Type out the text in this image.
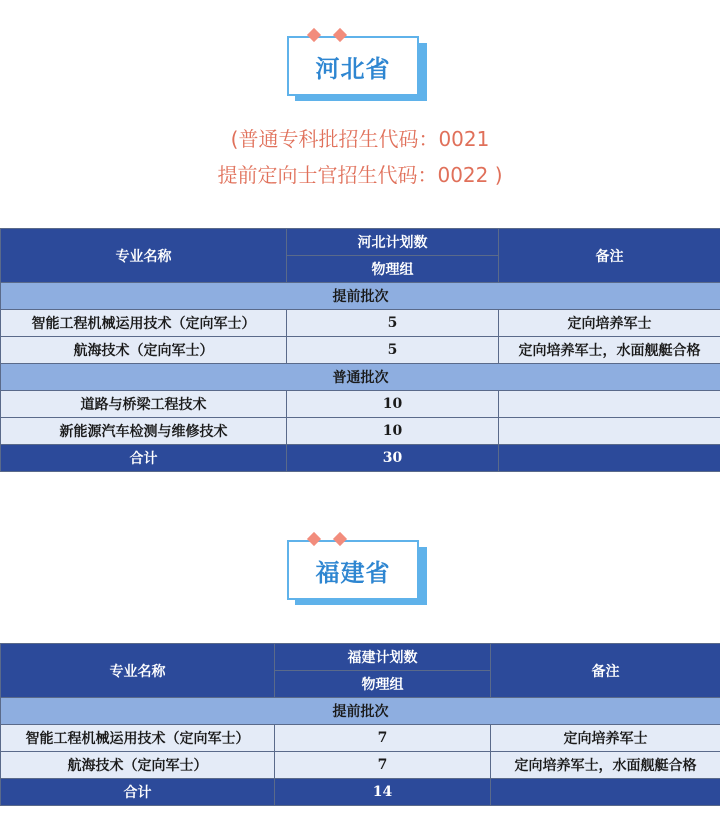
河北省
(普通专科批招生代码：0021
提前定向士官招生代码：0022 )
专业名称	河北计划数	备注
	物理组	
提前批次		
智能工程机械运用技术（定向军士）	5	定向培养军士
航海技术（定向军士）	5	定向培养军士，水面舰艇合格
普通批次		
道路与桥梁工程技术	10	
新能源汽车检测与维修技术	10	
合计	30	
福建省
专业名称	福建计划数	备注
	物理组	
提前批次		
智能工程机械运用技术（定向军士）	7	定向培养军士
航海技术（定向军士）	7	定向培养军士，水面舰艇合格
合计	14	
